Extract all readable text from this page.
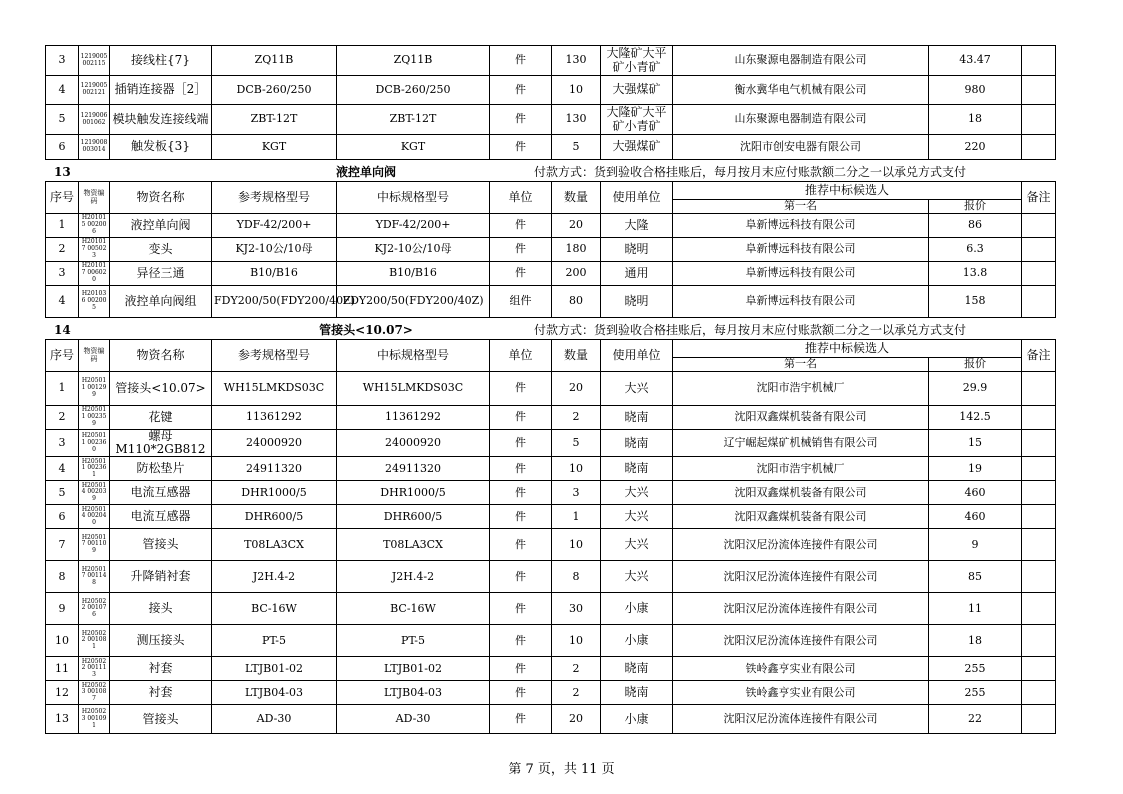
3	1219005 002115	接线柱{7}	ZQ11B	ZQ11B	件	130	大隆矿大平矿小青矿	山东聚源电器制造有限公司	43.47	
4	1219005 002121	插销连接器［2］	DCB-260/250	DCB-260/250	件	10	大强煤矿	衡水冀华电气机械有限公司	980	
5	1219006 001062	模块触发连接线端	ZBT-12T	ZBT-12T	件	130	大隆矿大平矿小青矿	山东聚源电器制造有限公司	18	
6	1219008 003014	触发板{3}	KGT	KGT	件	5	大强煤矿	沈阳市创安电器有限公司	220	
13	液控单向阀	付款方式：货到验收合格挂账后，每月按月末应付账款额二分之一以承兑方式支付
序号	物资编码	物资名称	参考规格型号	中标规格型号	单位	数量	使用单位	推荐中标候选人		备注
								第一名	报价	
1	H201015 002006	液控单向阀	YDF-42/200+	YDF-42/200+	件	20	大隆	阜新博远科技有限公司	86	
2	H201017 005023	变头	KJ2-10公/10母	KJ2-10公/10母	件	180	晓明	阜新博远科技有限公司	6.3	
3	H201017 006020	异径三通	B10/B16	B10/B16	件	200	通用	阜新博远科技有限公司	13.8	
4	H201036 002005	液控单向阀组	FDY200/50(FDY200/40Z)	FDY200/50(FDY200/40Z)	组件	80	晓明	阜新博远科技有限公司	158	
14	管接头<10.07>	付款方式：货到验收合格挂账后，每月按月末应付账款额二分之一以承兑方式支付
序号	物资编码	物资名称	参考规格型号	中标规格型号	单位	数量	使用单位	推荐中标候选人		备注
								第一名	报价	
1	H205011 001299	管接头<10.07>	WH15LMKDS03C	WH15LMKDS03C	件	20	大兴	沈阳市浩宇机械厂	29.9	
2	H205011 002359	花键	11361292	11361292	件	2	晓南	沈阳双鑫煤机装备有限公司	142.5	
3	H205011 002360	螺母M110*2GB812	24000920	24000920	件	5	晓南	辽宁崛起煤矿机械销售有限公司	15	
4	H205011 002361	防松垫片	24911320	24911320	件	10	晓南	沈阳市浩宇机械厂	19	
5	H205014 002039	电流互感器	DHR1000/5	DHR1000/5	件	3	大兴	沈阳双鑫煤机装备有限公司	460	
6	H205014 002040	电流互感器	DHR600/5	DHR600/5	件	1	大兴	沈阳双鑫煤机装备有限公司	460	
7	H205017 001109	管接头	T08LA3CX	T08LA3CX	件	10	大兴	沈阳汉尼汾流体连接件有限公司	9	
8	H205017 001148	升降销衬套	J2H.4-2	J2H.4-2	件	8	大兴	沈阳汉尼汾流体连接件有限公司	85	
9	H205022 001076	接头	BC-16W	BC-16W	件	30	小康	沈阳汉尼汾流体连接件有限公司	11	
10	H205022 001081	测压接头	PT-5	PT-5	件	10	小康	沈阳汉尼汾流体连接件有限公司	18	
11	H205022 001113	衬套	LTJB01-02	LTJB01-02	件	2	晓南	铁岭鑫亨实业有限公司	255	
12	H205023 001087	衬套	LTJB04-03	LTJB04-03	件	2	晓南	铁岭鑫亨实业有限公司	255	
13	H205023 001091	管接头	AD-30	AD-30	件	20	小康	沈阳汉尼汾流体连接件有限公司	22	
第 7 页，共 11 页
